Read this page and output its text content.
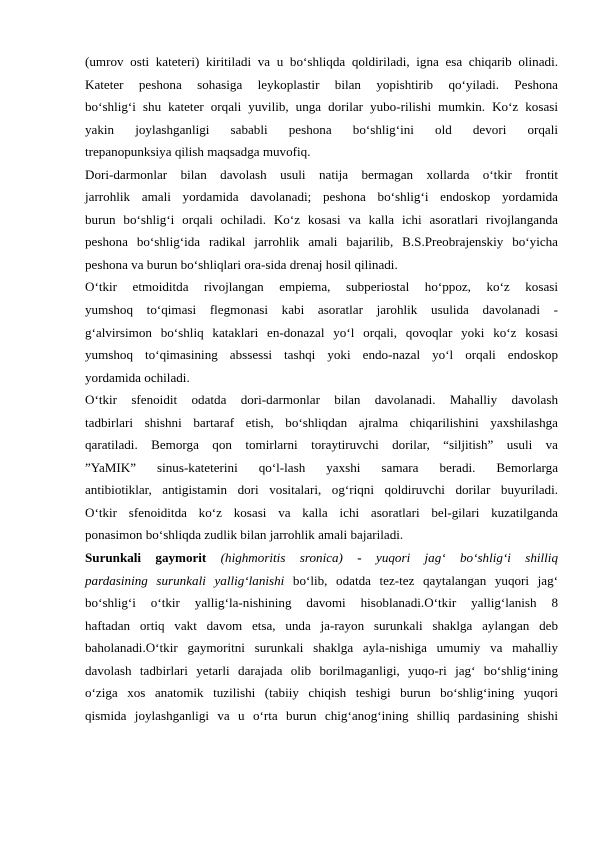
(umrov osti kateteri) kiritiladi va u bo‘shliqda qoldiriladi, igna esa chiqarib olinadi.
Kateter peshona sohasiga leykoplastir bilan yopishtirib qo‘yiladi. Peshona
bo‘shlig‘i shu kateter orqali yuvilib, unga dorilar yubo-rilishi mumkin. Ko‘z kosasi
yakin joylashganligi sababli peshona bo‘shlig‘ini old devori orqali
trepanopunksiya qilish maqsadga muvofiq.
Dori-darmonlar bilan davolash usuli natija bermagan xollarda o‘tkir frontit
jarrohlik amali yordamida davolanadi; peshona bo‘shlig‘i endoskop yordamida
burun bo‘shlig‘i orqali ochiladi. Ko‘z kosasi va kalla ichi asoratlari rivojlanganda
peshona bo‘shlig‘ida radikal jarrohlik amali bajarilib, B.S.Preobrajenskiy bo‘yicha
peshona va burun bo‘shliqlari ora-sida drenaj hosil qilinadi.
O‘tkir etmoiditda rivojlangan empiema, subperiostal ho‘ppoz, ko‘z kosasi
yumshoq to‘qimasi flegmonasi kabi asoratlar jarohlik usulida davolanadi -
g‘alvirsimon bo‘shliq kataklari en-donazal yo‘l orqali, qovoqlar yoki ko‘z kosasi
yumshoq to‘qimasining abssessi tashqi yoki endo-nazal yo‘l orqali endoskop
yordamida ochiladi.
O‘tkir sfenoidit odatda dori-darmonlar bilan davolanadi. Mahalliy davolash
tadbirlari shishni bartaraf etish, bo‘shliqdan ajralma chiqarilishini yaxshilashga
qaratiladi. Bemorga qon tomirlarni toraytiruvchi dorilar, “siljitish” usuli va
”YaMIK” sinus-kateterini qo‘l-lash yaxshi samara beradi. Bemorlarga
antibiotiklar, antigistamin dori vositalari, og‘riqni qoldiruvchi dorilar buyuriladi.
O‘tkir sfenoiditda ko‘z kosasi va kalla ichi asoratlari bel-gilari kuzatilganda
ponasimon bo‘shliqda zudlik bilan jarrohlik amali bajariladi.
Surunkali gaymorit (highmoritis sronica) - yuqori jag‘ bo‘shlig‘i shilliq
pardasining surunkali yallig‘lanishi bo‘lib, odatda tez-tez qaytalangan yuqori jag‘
bo‘shlig‘i o‘tkir yallig‘la-nishining davomi hisoblanadi.O‘tkir yallig‘lanish 8
haftadan ortiq vakt davom etsa, unda ja-rayon surunkali shaklga aylangan deb
baholanadi.O‘tkir gaymoritni surunkali shaklga ayla-nishiga umumiy va mahalliy
davolash tadbirlari yetarli darajada olib borilmaganligi, yuqo-ri jag‘ bo‘shlig‘ining
o‘ziga xos anatomik tuzilishi (tabiiy chiqish teshigi burun bo‘shlig‘ining yuqori
qismida joylashganligi va u o‘rta burun chig‘anog‘ining shilliq pardasining shishi
